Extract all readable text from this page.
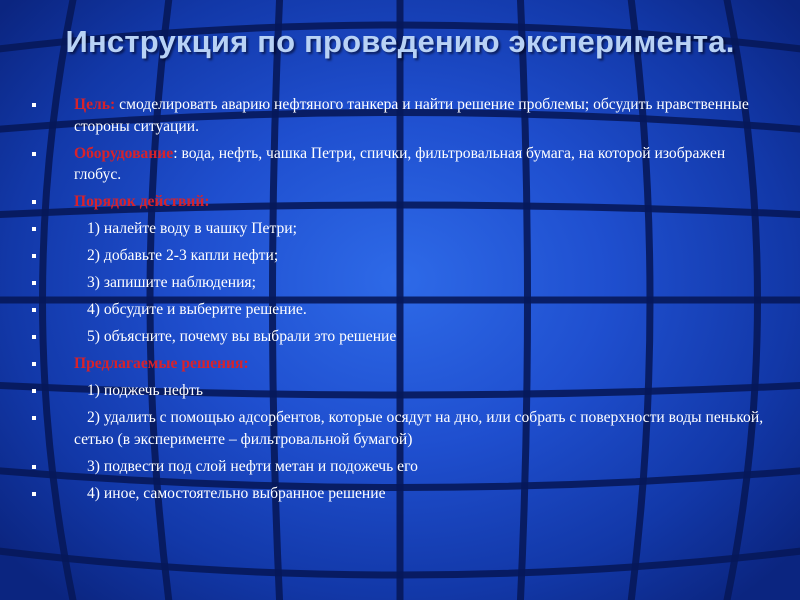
Инструкция по проведению эксперимента.
Цель: смоделировать аварию нефтяного танкера и найти решение проблемы; обсудить нравственные стороны ситуации.
Оборудование: вода, нефть, чашка Петри, спички, фильтровальная бумага, на которой изображен глобус.
Порядок действий:
1) налейте воду в чашку Петри;
2) добавьте 2-3 капли нефти;
3) запишите наблюдения;
4) обсудите и выберите решение.
5) объясните, почему вы выбрали это решение
Предлагаемые решения:
1) поджечь нефть
2) удалить с помощью адсорбентов, которые осядут на дно, или собрать с поверхности воды пенькой, сетью (в эксперименте – фильтровальной бумагой)
3) подвести под слой нефти метан и подожечь его
4) иное, самостоятельно выбранное решение
